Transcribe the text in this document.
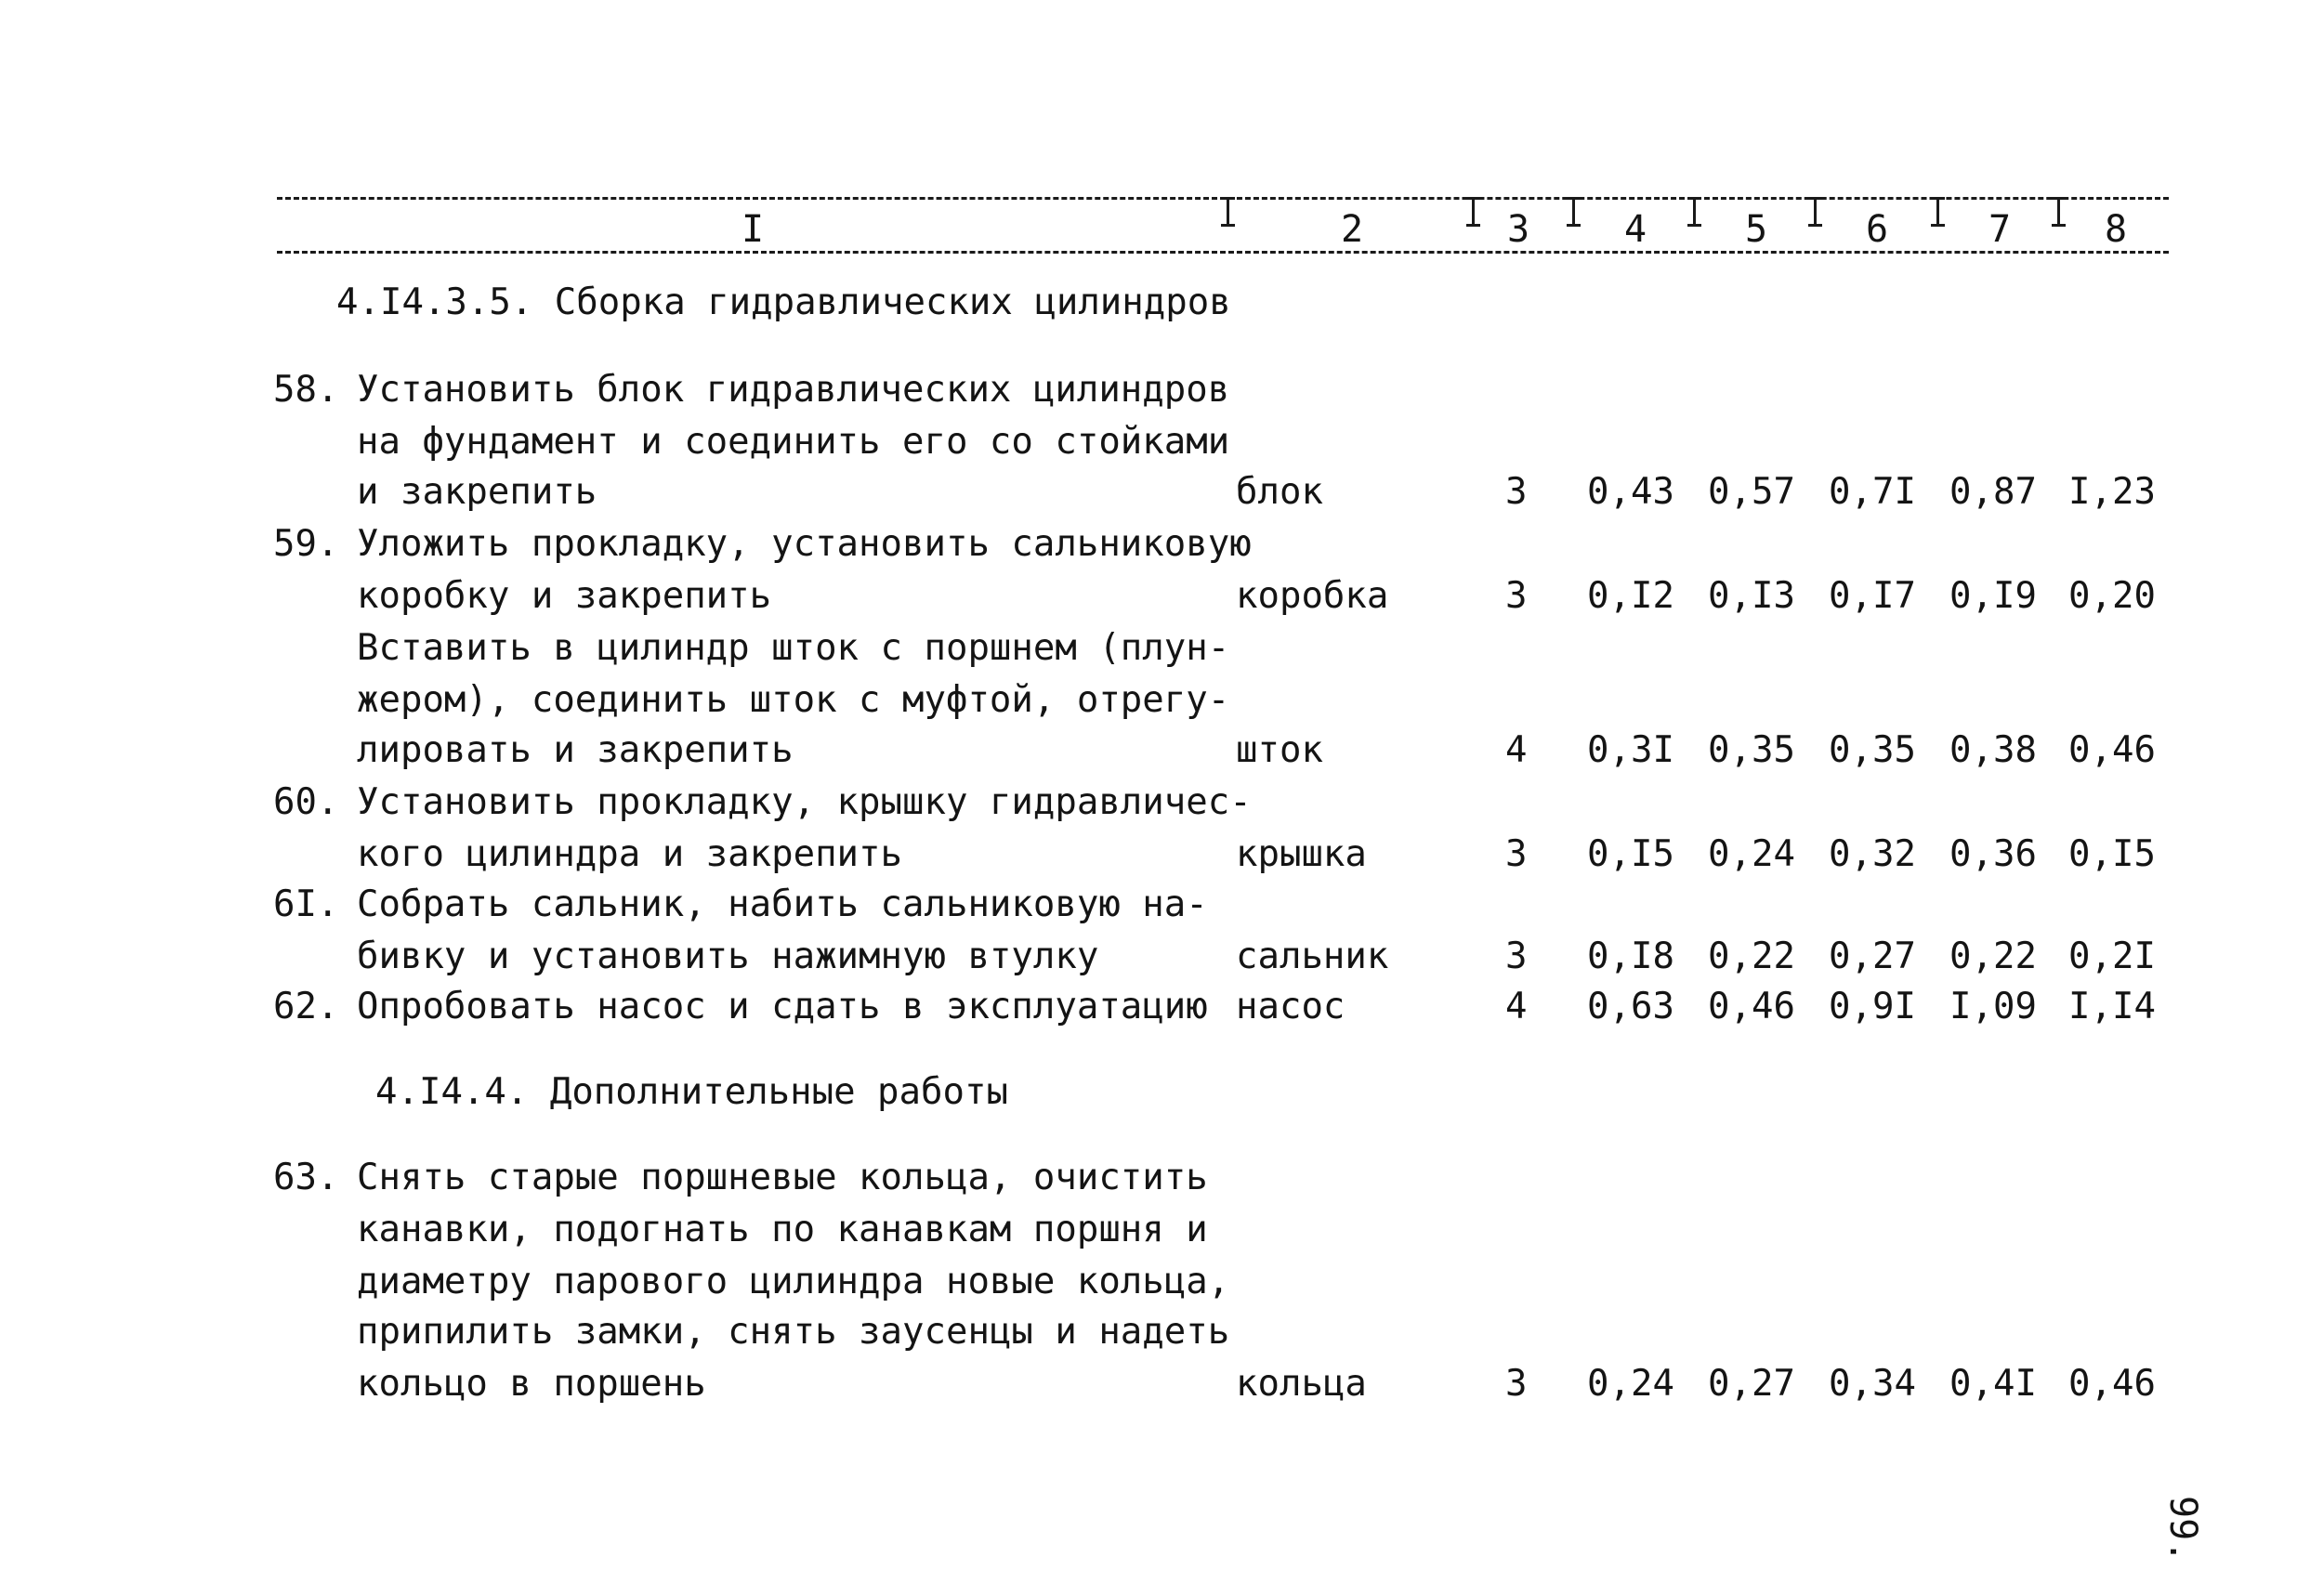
I	2	3	4	5	6	7	8
4.I4.3.5. Сборка гидравлических цилиндров
58. Установить блок гидравлических цилиндров
на фундамент и соединить его со стойками
и закрепить	блок	3 0,43 0,57 0,7I 0,87 I,23
59. Уложить прокладку, установить сальниковую
коробку и закрепить	коробка	3 0,I2 0,I3 0,I7 0,I9 0,20
Вставить в цилиндр шток с поршнем (плун-
жером), соединить шток с муфтой, отрегу-
лировать и закрепить	шток	4 0,3I 0,35 0,35 0,38 0,46
60. Установить прокладку, крышку гидравличес-
кого цилиндра и закрепить	крышка	3 0,I5 0,24 0,32 0,36 0,I5
6I. Собрать сальник, набить сальниковую на-
бивку и установить нажимную втулку	сальник	3 0,I8 0,22 0,27 0,22 0,2I
62. Опробовать насос и сдать в эксплуатацию насос	4 0,63 0,46 0,9I I,09 I,I4
4.I4.4. Дополнительные работы
63. Снять старые поршневые кольца, очистить
канавки, подогнать по канавкам поршня и
диаметру парового цилиндра новые кольца,
припилить замки, снять заусенцы и надеть
кольцо в поршень	кольца	3 0,24 0,27 0,34 0,4I 0,46
99.
